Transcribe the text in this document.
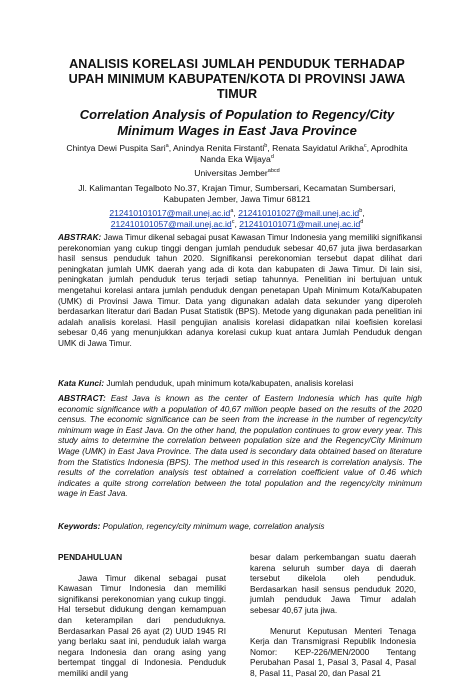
ANALISIS KORELASI JUMLAH PENDUDUK TERHADAP
UPAH MINIMUM KABUPATEN/KOTA DI PROVINSI JAWA
TIMUR
Correlation Analysis of Population to Regency/City
Minimum Wages in East Java Province
Chintya Dewi Puspita Sari$^a$, Anindya Renita Firstanti$^b$, Renata Sayidatul Arikha$^c$, Aprodhita
Nanda Eka Wijaya$^d$
Universitas Jember$^{abcd}$
Jl. Kalimantan Tegalboto No.37, Krajan Timur, Sumbersari, Kecamatan Sumbersari,
Kabupaten Jember, Jawa Timur 68121
$212410101017@mail.unej.ac.id^a$, $212410101027@mail.unej.ac.id^b$,
$212410101057@mail.unej.ac.id^c$, $212410101071@mail.unej.ac.id^d$
ABSTRAK: Jawa Timur dikenal sebagai pusat Kawasan Timur Indonesia yang memiliki signifikansi perekonomian yang cukup tinggi dengan jumlah penduduk sebesar 40,67 juta jiwa berdasarkan hasil sensus penduduk tahun 2020. Signifikansi perekonomian tersebut dapat dilihat dari peningkatan jumlah UMK daerah yang ada di kota dan kabupaten di Jawa Timur. Di lain sisi, peningkatan jumlah penduduk terus terjadi setiap tahunnya. Penelitian ini bertujuan untuk mengetahui korelasi antara jumlah penduduk dengan penetapan Upah Minimum Kota/Kabupaten (UMK) di Provinsi Jawa Timur. Data yang digunakan adalah data sekunder yang diperoleh berdasarkan literatur dari Badan Pusat Statistik (BPS). Metode yang digunakan pada penelitian ini adalah analisis korelasi. Hasil pengujian analisis korelasi didapatkan nilai koefisien korelasi sebesar 0,46 yang menunjukkan adanya korelasi cukup kuat antara Jumlah Penduduk dengan UMK di Jawa Timur.
Kata Kunci: Jumlah penduduk, upah minimum kota/kabupaten, analisis korelasi
ABSTRACT: East Java is known as the center of Eastern Indonesia which has quite high economic significance with a population of 40,67 million people based on the results of the 2020 census. The economic significance can be seen from the increase in the number of regency/city minimum wage in East Java. On the other hand, the population continues to grow every year. This study aims to determine the correlation between population size and the Regency/City Minimum Wage (UMK) in East Java Province. The data used is secondary data obtained based on literature from the Statistics Indonesia (BPS). The method used in this research is correlation analysis. The results of the correlation analysis test obtained a correlation coefficient value of 0.46 which indicates a quite strong correlation between the total population and the regency/city minimum wage in East Java.
Keywords: Population, regency/city minimum wage, correlation analysis
PENDAHULUAN

Jawa Timur dikenal sebagai pusat Kawasan Timur Indonesia dan memiliki signifikansi perekonomian yang cukup tinggi. Hal tersebut didukung dengan kemampuan dan keterampilan dari penduduknya. Berdasarkan Pasal 26 ayat (2) UUD 1945 RI yang berlaku saat ini, penduduk ialah warga negara Indonesia dan orang asing yang bertempat tinggal di Indonesia. Penduduk memiliki andil yang

besar dalam perkembangan suatu daerah karena seluruh sumber daya di daerah tersebut dikelola oleh penduduk. Berdasarkan hasil sensus penduduk 2020, jumlah penduduk Jawa Timur adalah sebesar 40,67 juta jiwa.

Menurut Keputusan Menteri Tenaga Kerja dan Transmigrasi Republik Indonesia Nomor: KEP-226/MEN/2000 Tentang Perubahan Pasal 1, Pasal 3, Pasal 4, Pasal 8, Pasal 11, Pasal 20, dan Pasal 21
